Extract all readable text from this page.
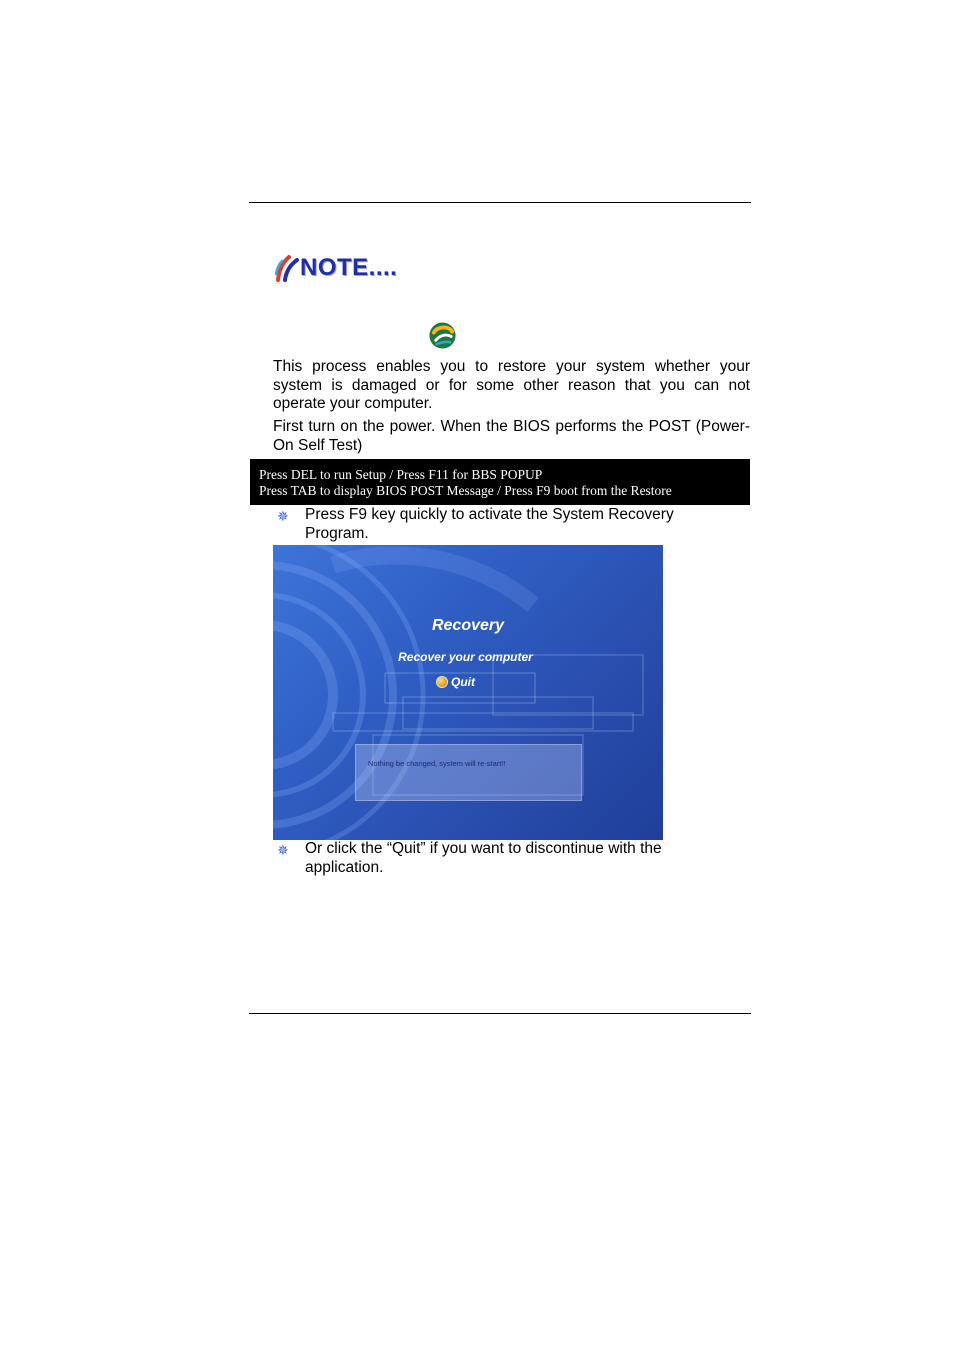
NOTE....

This process enables you to restore your system whether your system is damaged or for some other reason that you can not operate your computer.

First turn on the power. When the BIOS performs the POST (Power-On Self Test)

Press DEL to run Setup / Press F11 for BBS POPUP
Press TAB to display BIOS POST Message / Press F9 boot from the Restore
✵ Press F9 key quickly to activate the System Recovery Program.
Recovery
Recover your computer
Quit
Nothing be changed, system will re-start!!
✵ Or click the “Quit” if you want to discontinue with the application.
